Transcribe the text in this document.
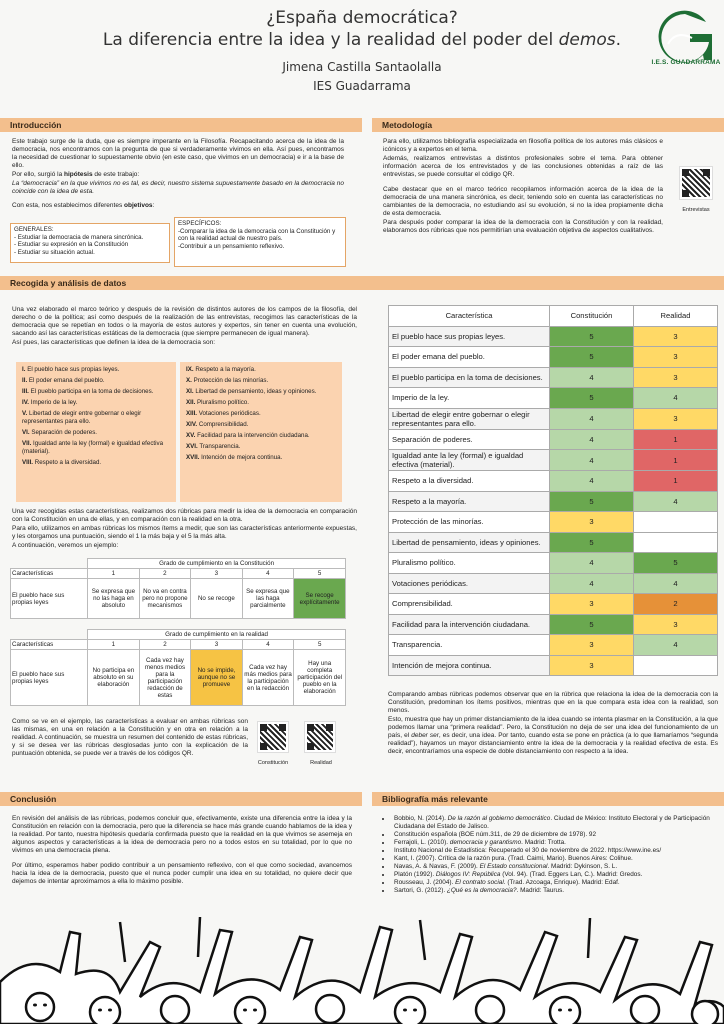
¿España democrática?
La diferencia entre la idea y la realidad del poder del demos.
Jimena Castilla Santaolalla
IES Guadarrama
I.E.S. GUADARRAMA
Introducción

Este trabajo surge de la duda, que es siempre imperante en la Filosofía. Recapacitando acerca de la idea de la democracia, nos encontramos con la pregunta de que si verdaderamente vivimos en ella. Así pues, encontramos la necesidad de cuestionar lo supuestamente obvio (en este caso, que vivimos en un democracia) e ir a la base de ello.

Por ello, surgió la hipótesis de este trabajo:

La “democracia” en la que vivimos no es tal, es decir, nuestro sistema supuestamente basado en la democracia no coincide con la idea de esta.

Con esta, nos establecimos diferentes objetivos:

GENERALES:
- Estudiar la democracia de manera sincrónica.
- Estudiar su expresión en la Constitución
- Estudiar su situación actual.
ESPECÍFICOS:
-Comparar la idea de la democracia con la Constitución y con la realidad actual de nuestro país.
-Contribuir a un pensamiento reflexivo.
Metodología

Para ello, utilizamos bibliografía especializada en filosofía política de los autores más clásicos e icónicos y a expertos en el tema.

Además, realizamos entrevistas a distintos profesionales sobre el tema. Para obtener información acerca de los entrevistados y de las conclusiones obtenidas a raíz de las entrevistas, se puede consultar el código QR.

Cabe destacar que en el marco teórico recopilamos información acerca de la idea de la democracia de una manera sincrónica, es decir, teniendo solo en cuenta las características no cambiantes de la democracia, no estudiando así su evolución, si no la idea propiamente dicha de esta democracia.

Para después poder comparar la idea de la democracia con la Constitución y con la realidad, elaboramos dos rúbricas que nos permitirían una evaluación objetiva de aspectos cualitativos.

Entrevistas
Recogida y análisis de datos

Una vez elaborado el marco teórico y después de la revisión de distintos autores de los campos de la filosofía, del derecho o de la política; así como después de la realización de las entrevistas, recogimos las características de la democracia que se repetían en todos o la mayoría de estos autores y expertos, sin tener en cuenta una evolución, sacando así las características estáticas de la democracia (que siempre permanecen de igual manera).

Así pues, las características que definen la idea de la democracia son:

I. El pueblo hace sus propias leyes.
II. El poder emana del pueblo.
III. El pueblo participa en la toma de decisiones.
IV. Imperio de la ley.
V. Libertad de elegir entre gobernar o elegir representantes para ello.
VI. Separación de poderes.
VII. Igualdad ante la ley (formal) e igualdad efectiva (material).
VIII. Respeto a la diversidad.
IX. Respeto a la mayoría.
X. Protección de las minorías.
XI. Libertad de pensamiento, ideas y opiniones.
XII. Pluralismo político.
XIII. Votaciones periódicas.
XIV. Comprensibilidad.
XV. Facilidad para la intervención ciudadana.
XVI. Transparencia.
XVII. Intención de mejora continua.

Una vez recogidas estas características, realizamos dos rúbricas para medir la idea de la democracia en comparación con la Constitución en una de ellas, y en comparación con la realidad en la otra.

Para ello, utilizamos en ambas rúbricas los mismos ítems a medir, que son las características anteriormente expuestas, y les otorgamos una puntuación, siendo el 1 la más baja y el 5 la más alta.

A continuación, veremos un ejemplo:

	Grado de cumplimiento en la Constitución				
Características	1	2	3	4	5
El pueblo hace sus propias leyes	Se expresa que no las haga en absoluto	No va en contra pero no propone mecanismos	No se recoge	Se expresa que las haga parcialmente	Se recoge explícitamente
	Grado de cumplimiento en la realidad				
Características	1	2	3	4	5
El pueblo hace sus propias leyes	No participa en absoluto en su elaboración	Cada vez hay menos medios para la participación redacción de estas	No se impide, aunque no se promueve	Cada vez hay más medios para la participación en la redacción	Hay una completa participación del pueblo en la elaboración
Como se ve en el ejemplo, las características a evaluar en ambas rúbricas son las mismas, en una en relación a la Constitución y en otra en relación a la realidad. A continuación, se muestra un resumen del contenido de estas rúbricas, y si se desea ver las rúbricas desglosadas junto con la explicación de la puntuación obtenida, se puede ver a través de los códigos QR.
Constitución	Realidad
Característica	Constitución	Realidad
El pueblo hace sus propias leyes.	5	3
El poder emana del pueblo.	5	3
El pueblo participa en la toma de decisiones.	4	3
Imperio de la ley.	5	4
Libertad de elegir entre gobernar o elegir representantes para ello.	4	3
Separación de poderes.	4	1
Igualdad ante la ley (formal) e igualdad efectiva (material).	4	1
Respeto a la diversidad.	4	1
Respeto a la mayoría.	5	4
Protección de las minorías.	3	
Libertad de pensamiento, ideas y opiniones.	5	
Pluralismo político.	4	5
Votaciones periódicas.	4	4
Comprensibilidad.	3	2
Facilidad para la intervención ciudadana.	5	3
Transparencia.	3	4
Intención de mejora continua.	3	

Comparando ambas rúbricas podemos observar que en la rúbrica que relaciona la idea de la democracia con la Constitución, predominan los ítems positivos, mientras que en la que compara esta idea con la realidad, son menos.

Esto, muestra que hay un primer distanciamiento de la idea cuando se intenta plasmar en la Constitución, a la que podemos llamar una “primera realidad”. Pero, la Constitución no deja de ser una idea del funcionamiento de un país, el deber ser, es decir, una idea. Por tanto, cuando esta se pone en práctica (a lo que llamaríamos “segunda realidad”), hayamos un mayor distanciamiento entre la idea de la democracia y la realidad efectiva de esta. Es decir, encontraríamos una especie de doble distanciamiento con respecto a la idea.

Conclusión

En revisión del análisis de las rúbricas, podemos concluir que, efectivamente, existe una diferencia entre la idea y la Constitución en relación con la democracia, pero que la diferencia se hace más grande cuando hablamos de la idea y la realidad. Por tanto, nuestra hipótesis quedaría confirmada puesto que la realidad en la que vivimos se asemeja en algunos aspectos y características a la idea de democracia pero no a todos estos en su totalidad, por lo que no vivimos en una democracia plena.

Por último, esperamos haber podido contribuir a un pensamiento reflexivo, con el que como sociedad, avancemos hacia la idea de la democracia, puesto que el nunca poder cumplir una idea en su totalidad, no quiere decir que dejemos de intentar aproximarnos a ella lo máximo posible.

Bibliografía más relevante
• Bobbio, N. (2014). De la razón al gobierno democrático. Ciudad de México: Instituto Electoral y de Participación Ciudadana del Estado de Jalisco.
• Constitución española (BOE núm.311, de 29 de diciembre de 1978). 92
• Ferrajoli, L. (2010). democracia y garantismo. Madrid: Trotta.
• Instituto Nacional de Estadística: Recuperado el 30 de noviembre de 2022. https://www.ine.es/
• Kant, I. (2007). Crítica de la razón pura. (Trad. Caimi, Mario). Buenos Aires: Colihue.
• Navas, A. & Navas, F. (2009). El Estado constitucional. Madrid: Dykinson, S. L.
• Platón (1992). Diálogos IV: República (Vol. 94). (Trad. Eggers Lan, C.). Madrid: Gredos.
• Rousseau, J. (2004). El contrato social. (Trad. Azcoaga, Enrique). Madrid: Edaf.
• Sartori, G. (2012). ¿Qué es la democracia?. Madrid: Taurus.
